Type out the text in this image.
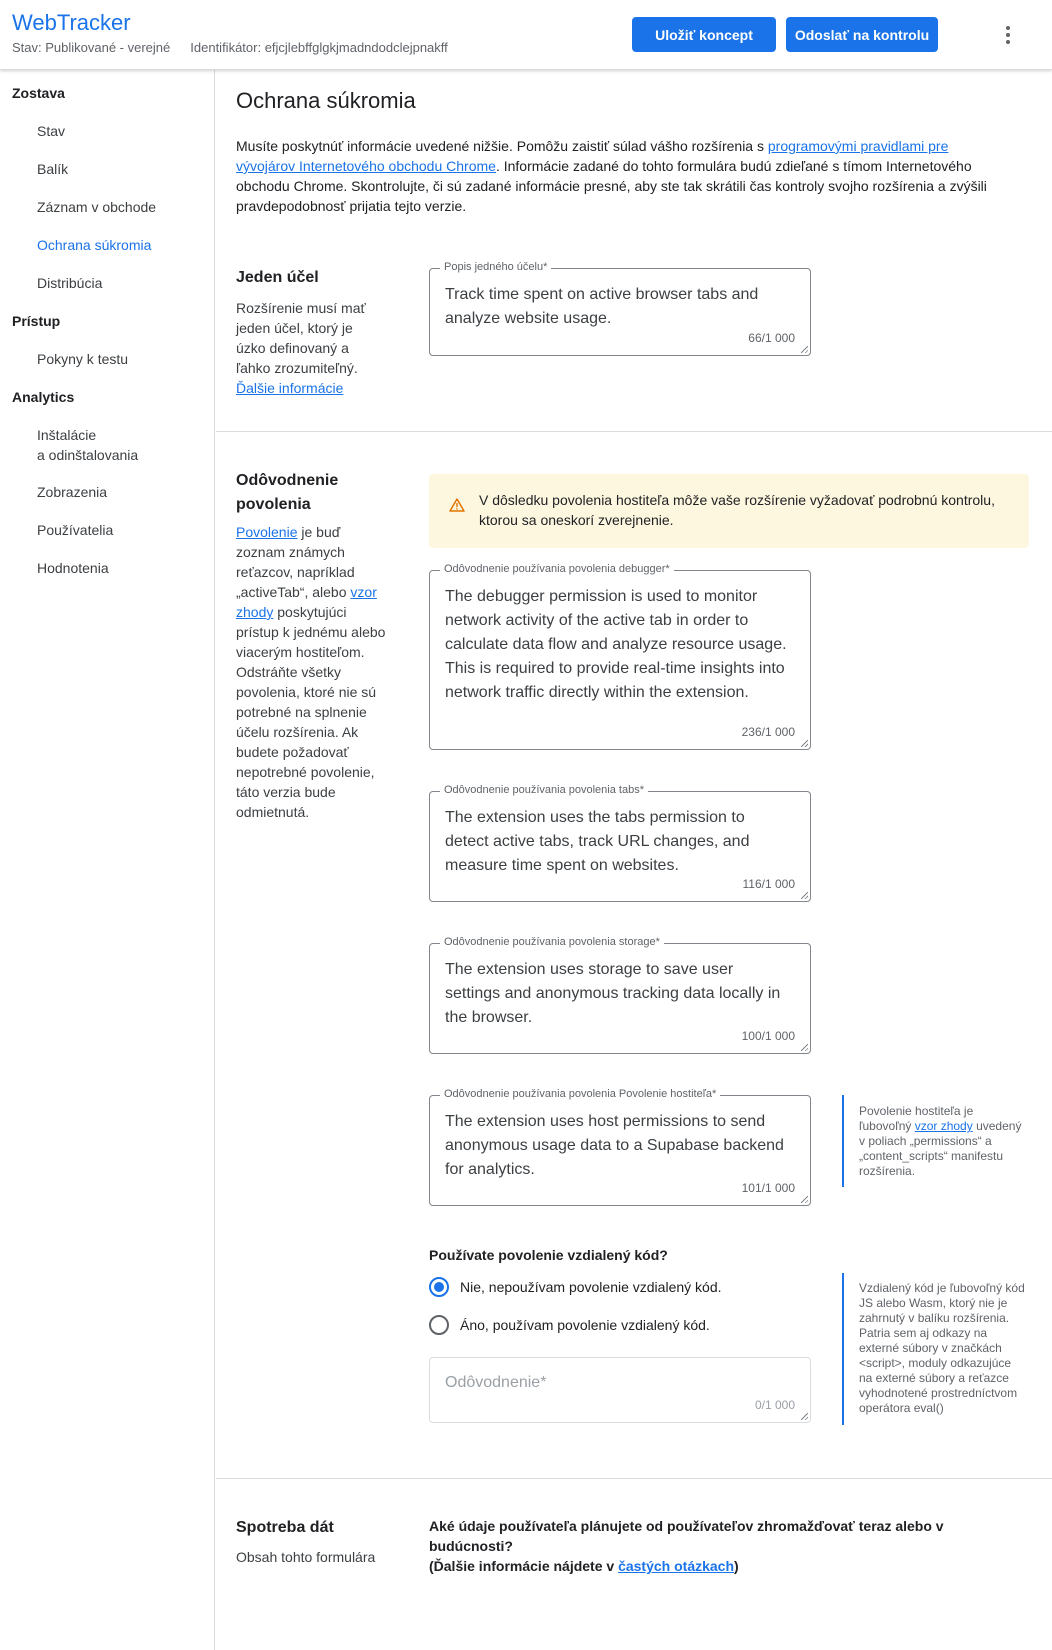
WebTracker
Stav: Publikované - verejné Identifikátor: efjcjlebffglgkjmadndodclejpnakff
Uložiť koncept	Odoslať na kontrolu
Zostava
Stav
Balík
Záznam v obchode
Ochrana súkromia
Distribúcia
Prístup
Pokyny k testu
Analytics
Inštalácie
a odinštalovania
Zobrazenia
Používatelia
Hodnotenia
Ochrana súkromia
Musíte poskytnúť informácie uvedené nižšie. Pomôžu zaistiť súlad vášho rozšírenia s programovými pravidlami pre vývojárov Internetového obchodu Chrome. Informácie zadané do tohto formulára budú zdieľané s tímom Internetového obchodu Chrome. Skontrolujte, či sú zadané informácie presné, aby ste tak skrátili čas kontroly svojho rozšírenia a zvýšili pravdepodobnosť prijatia tejto verzie.
Jeden účel
Rozšírenie musí mať jeden účel, ktorý je úzko definovaný a ľahko zrozumiteľný. Ďalšie informácie
Popis jedného účelu*
Track time spent on active browser tabs and analyze website usage.
66/1 000
Odôvodnenie povolenia
Povolenie je buď zoznam známych reťazcov, napríklad „activeTab“, alebo vzor zhody poskytujúci prístup k jednému alebo viacerým hostiteľom. Odstráňte všetky povolenia, ktoré nie sú potrebné na splnenie účelu rozšírenia. Ak budete požadovať nepotrebné povolenie, táto verzia bude odmietnutá.
V dôsledku povolenia hostiteľa môže vaše rozšírenie vyžadovať podrobnú kontrolu, ktorou sa oneskorí zverejnenie.
Odôvodnenie používania povolenia debugger*
The debugger permission is used to monitor network activity of the active tab in order to calculate data flow and analyze resource usage. This is required to provide real-time insights into network traffic directly within the extension.
236/1 000
Odôvodnenie používania povolenia tabs*
The extension uses the tabs permission to detect active tabs, track URL changes, and measure time spent on websites.
116/1 000
Odôvodnenie používania povolenia storage*
The extension uses storage to save user settings and anonymous tracking data locally in the browser.
100/1 000
Odôvodnenie používania povolenia Povolenie hostiteľa*
The extension uses host permissions to send anonymous usage data to a Supabase backend for analytics.
101/1 000
Povolenie hostiteľa je ľubovoľný vzor zhody uvedený v poliach „permissions“ a „content_scripts“ manifestu rozšírenia.
Používate povolenie vzdialený kód?
Nie, nepoužívam povolenie vzdialený kód.
Áno, používam povolenie vzdialený kód.
Odôvodnenie*
0/1 000
Vzdialený kód je ľubovoľný kód JS alebo Wasm, ktorý nie je zahrnutý v balíku rozšírenia. Patria sem aj odkazy na externé súbory v značkách <script>, moduly odkazujúce na externé súbory a reťazce vyhodnotené prostredníctvom operátora eval()
Spotreba dát
Obsah tohto formulára
Aké údaje používateľa plánujete od používateľov zhromažďovať teraz alebo v budúcnosti?
(Ďalšie informácie nájdete v častých otázkach)
